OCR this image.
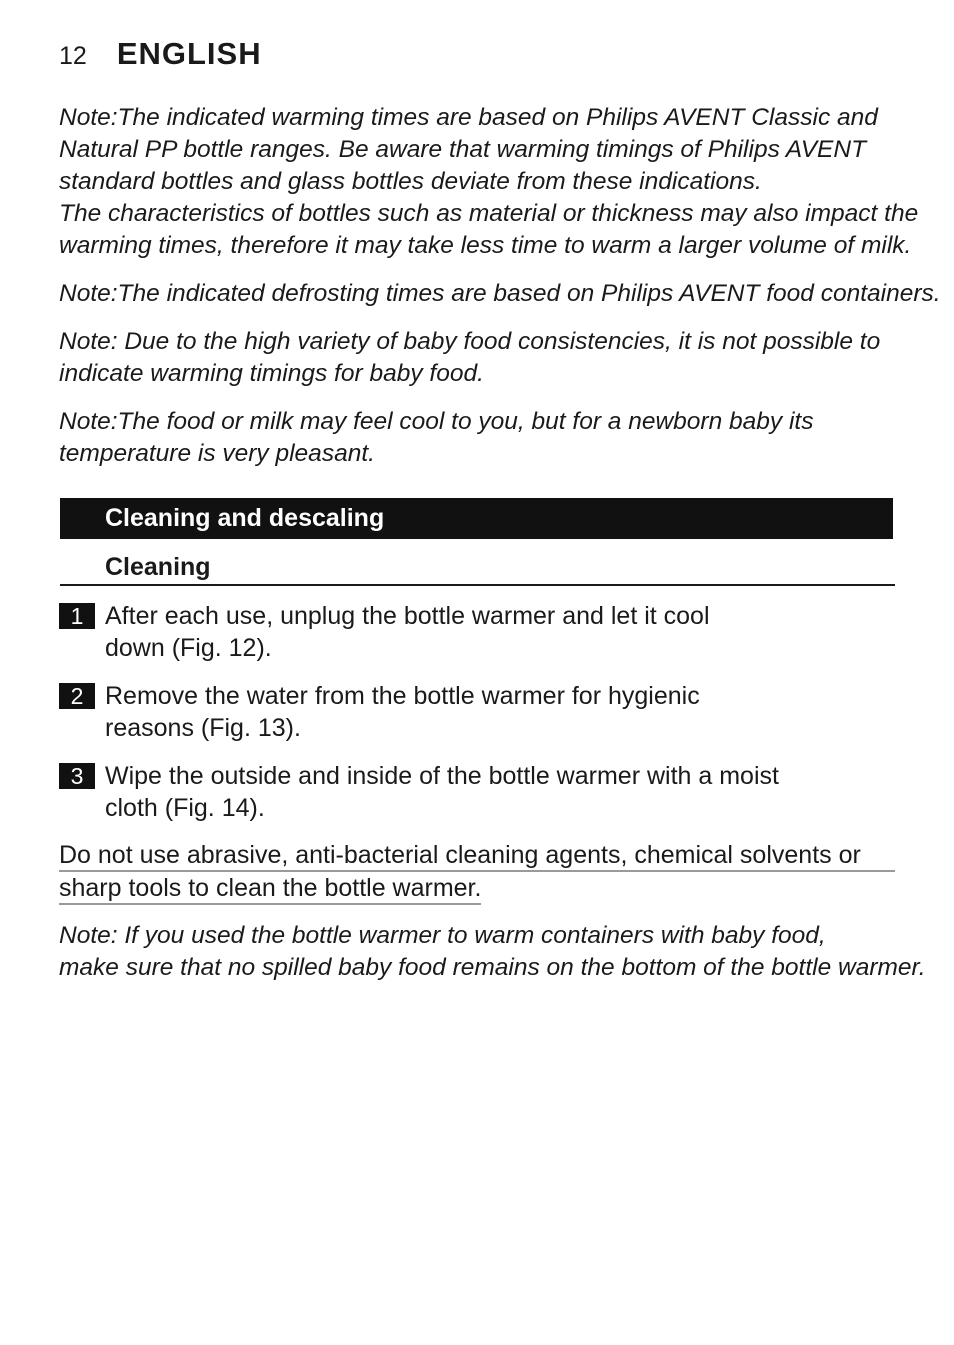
12 ENGLISH

Note:The indicated warming times are based on Philips AVENT Classic and
Natural PP bottle ranges. Be aware that warming timings of Philips AVENT
standard bottles and glass bottles deviate from these indications.
The characteristics of bottles such as material or thickness may also impact the
warming times, therefore it may take less time to warm a larger volume of milk.

Note:The indicated defrosting times are based on Philips AVENT food containers.

Note: Due to the high variety of baby food consistencies, it is not possible to
indicate warming timings for baby food.

Note:The food or milk may feel cool to you, but for a newborn baby its
temperature is very pleasant.

Cleaning and descaling
Cleaning
1 After each use, unplug the bottle warmer and let it cool
down (Fig. 12).
2 Remove the water from the bottle warmer for hygienic
reasons (Fig. 13).
3 Wipe the outside and inside of the bottle warmer with a moist
cloth (Fig. 14).
Do not use abrasive, anti-bacterial cleaning agents, chemical solvents or
sharp tools to clean the bottle warmer.
Note: If you used the bottle warmer to warm containers with baby food,
make sure that no spilled baby food remains on the bottom of the bottle warmer.
